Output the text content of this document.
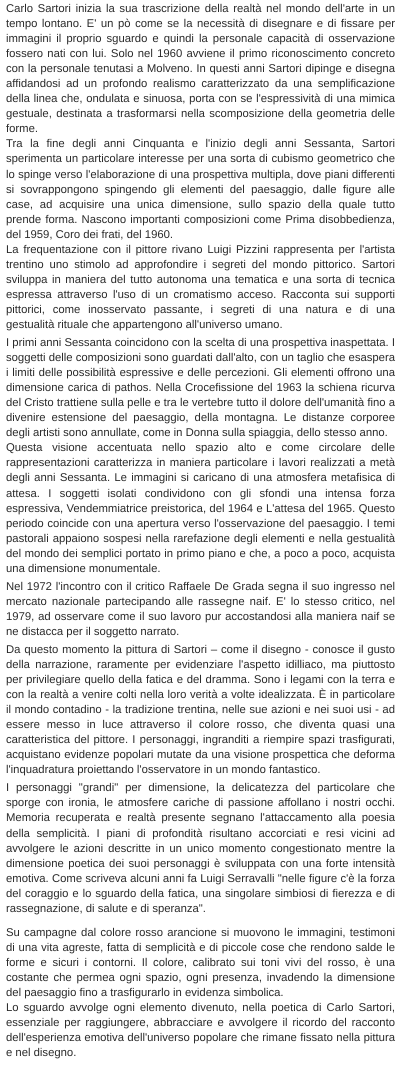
Carlo Sartori inizia la sua trascrizione della realtà nel mondo dell'arte in un tempo lontano. E' un pò come se la necessità di disegnare e di fissare per immagini il proprio sguardo e quindi la personale capacità di osservazione fossero nati con lui. Solo nel 1960 avviene il primo riconoscimento concreto con la personale tenutasi a Molveno. In questi anni Sartori dipinge e disegna affidandosi ad un profondo realismo caratterizzato da una semplificazione della linea che, ondulata e sinuosa, porta con se l'espressività di una mimica gestuale, destinata a trasformarsi nella scomposizione della geometria delle forme.

Tra la fine degli anni Cinquanta e l'inizio degli anni Sessanta, Sartori sperimenta un particolare interesse per una sorta di cubismo geometrico che lo spinge verso l'elaborazione di una prospettiva multipla, dove piani differenti si sovrappongono spingendo gli elementi del paesaggio, dalle figure alle case, ad acquisire una unica dimensione, sullo spazio della quale tutto prende forma. Nascono importanti composizioni come Prima disobbedienza, del 1959, Coro dei frati, del 1960.

La frequentazione con il pittore rivano Luigi Pizzini rappresenta per l'artista trentino uno stimolo ad approfondire i segreti del mondo pittorico. Sartori sviluppa in maniera del tutto autonoma una tematica e una sorta di tecnica espressa attraverso l'uso di un cromatismo acceso. Racconta sui supporti pittorici, come inosservato passante, i segreti di una natura e di una gestualità rituale che appartengono all'universo umano.

I primi anni Sessanta coincidono con la scelta di una prospettiva inaspettata. I soggetti delle composizioni sono guardati dall'alto, con un taglio che esaspera i limiti delle possibilità espressive e delle percezioni. Gli elementi offrono una dimensione carica di pathos. Nella Crocefissione del 1963 la schiena ricurva del Cristo trattiene sulla pelle e tra le vertebre tutto il dolore dell'umanità fino a divenire estensione del paesaggio, della montagna. Le distanze corporee degli artisti sono annullate, come in Donna sulla spiaggia, dello stesso anno.

Questa visione accentuata nello spazio alto e come circolare delle rappresentazioni caratterizza in maniera particolare i lavori realizzati a metà degli anni Sessanta. Le immagini si caricano di una atmosfera metafisica di attesa. I soggetti isolati condividono con gli sfondi una intensa forza espressiva, Vendemmiatrice preistorica, del 1964 e L'attesa del 1965. Questo periodo coincide con una apertura verso l'osservazione del paesaggio. I temi pastorali appaiono sospesi nella rarefazione degli elementi e nella gestualità del mondo dei semplici portato in primo piano e che, a poco a poco, acquista una dimensione monumentale.

Nel 1972 l'incontro con il critico Raffaele De Grada segna il suo ingresso nel mercato nazionale partecipando alle rassegne naif. E' lo stesso critico, nel 1979, ad osservare come il suo lavoro pur accostandosi alla maniera naif se ne distacca per il soggetto narrato.

Da questo momento la pittura di Sartori – come il disegno - conosce il gusto della narrazione, raramente per evidenziare l'aspetto idilliaco, ma piuttosto per privilegiare quello della fatica e del dramma. Sono i legami con la terra e con la realtà a venire colti nella loro verità a volte idealizzata. È in particolare il mondo contadino - la tradizione trentina, nelle sue azioni e nei suoi usi - ad essere messo in luce attraverso il colore rosso, che diventa quasi una caratteristica del pittore. I personaggi, ingranditi a riempire spazi trasfigurati, acquistano evidenze popolari mutate da una visione prospettica che deforma l'inquadratura proiettando l'osservatore in un mondo fantastico.

I personaggi "grandi" per dimensione, la delicatezza del particolare che sporge con ironia, le atmosfere cariche di passione affollano i nostri occhi. Memoria recuperata e realtà presente segnano l'attaccamento alla poesia della semplicità. I piani di profondità risultano accorciati e resi vicini ad avvolgere le azioni descritte in un unico momento congestionato mentre la dimensione poetica dei suoi personaggi è sviluppata con una forte intensità emotiva. Come scriveva alcuni anni fa Luigi Serravalli "nelle figure c'è la forza del coraggio e lo sguardo della fatica, una singolare simbiosi di fierezza e di rassegnazione, di salute e di speranza".

Su campagne dal colore rosso arancione si muovono le immagini, testimoni di una vita agreste, fatta di semplicità e di piccole cose che rendono salde le forme e sicuri i contorni. Il colore, calibrato sui toni vivi del rosso, è una costante che permea ogni spazio, ogni presenza, invadendo la dimensione del paesaggio fino a trasfigurarlo in evidenza simbolica.

Lo sguardo avvolge ogni elemento divenuto, nella poetica di Carlo Sartori, essenziale per raggiungere, abbracciare e avvolgere il ricordo del racconto dell'esperienza emotiva dell'universo popolare che rimane fissato nella pittura e nel disegno.
